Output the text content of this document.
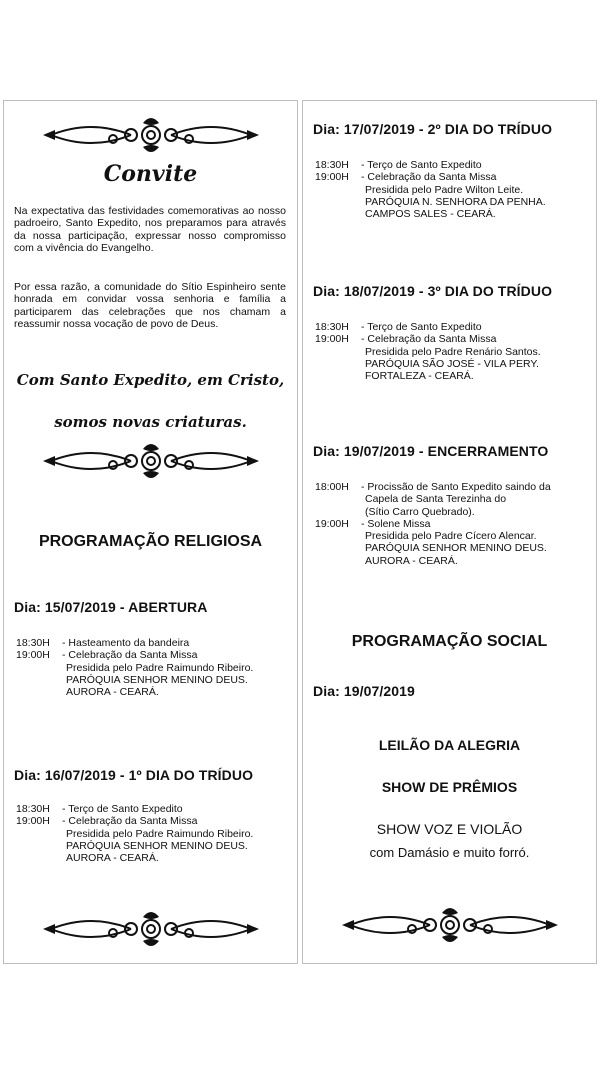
Convite
Na expectativa das festividades comemorativas ao nosso padroeiro, Santo Expedito, nos preparamos para através da nossa participação, expressar nosso compromisso com a vivência do Evangelho.
Por essa razão, a comunidade do Sítio Espinheiro sente honrada em convidar vossa senhoria e família a participarem das celebrações que nos chamam a reassumir nossa vocação de povo de Deus.
Com Santo Expedito, em Cristo,
somos novas criaturas.
PROGRAMAÇÃO RELIGIOSA
Dia: 15/07/2019 - ABERTURA
18:30H	- Hasteamento da bandeira
19:00H	- Celebração da Santa Missa
Presidida pelo Padre Raimundo Ribeiro.
PARÓQUIA SENHOR MENINO DEUS.
AURORA - CEARÁ.
Dia: 16/07/2019 - 1º DIA DO TRÍDUO
18:30H	- Terço de Santo Expedito
19:00H	- Celebração da Santa Missa
Presidida pelo Padre Raimundo Ribeiro.
PARÓQUIA SENHOR MENINO DEUS.
AURORA - CEARÁ.
Dia: 17/07/2019 - 2º DIA DO TRÍDUO
18:30H	- Terço de Santo Expedito
19:00H	- Celebração da Santa Missa
Presidida pelo Padre Wilton Leite.
PARÓQUIA N. SENHORA DA PENHA.
CAMPOS SALES - CEARÁ.
Dia: 18/07/2019 - 3º DIA DO TRÍDUO
18:30H	- Terço de Santo Expedito
19:00H	- Celebração da Santa Missa
Presidida pelo Padre Renário Santos.
PARÓQUIA SÃO JOSÉ - VILA PERY.
FORTALEZA - CEARÁ.
Dia: 19/07/2019 - ENCERRAMENTO
18:00H	- Procissão de Santo Expedito saindo da
Capela de Santa Terezinha do
(Sítio Carro Quebrado).
19:00H	- Solene Missa
Presidida pelo Padre Cícero Alencar.
PARÓQUIA SENHOR MENINO DEUS.
AURORA - CEARÁ.
PROGRAMAÇÃO SOCIAL
Dia: 19/07/2019
LEILÃO DA ALEGRIA
SHOW DE PRÊMIOS
SHOW VOZ E VIOLÃO
com Damásio e muito forró.
